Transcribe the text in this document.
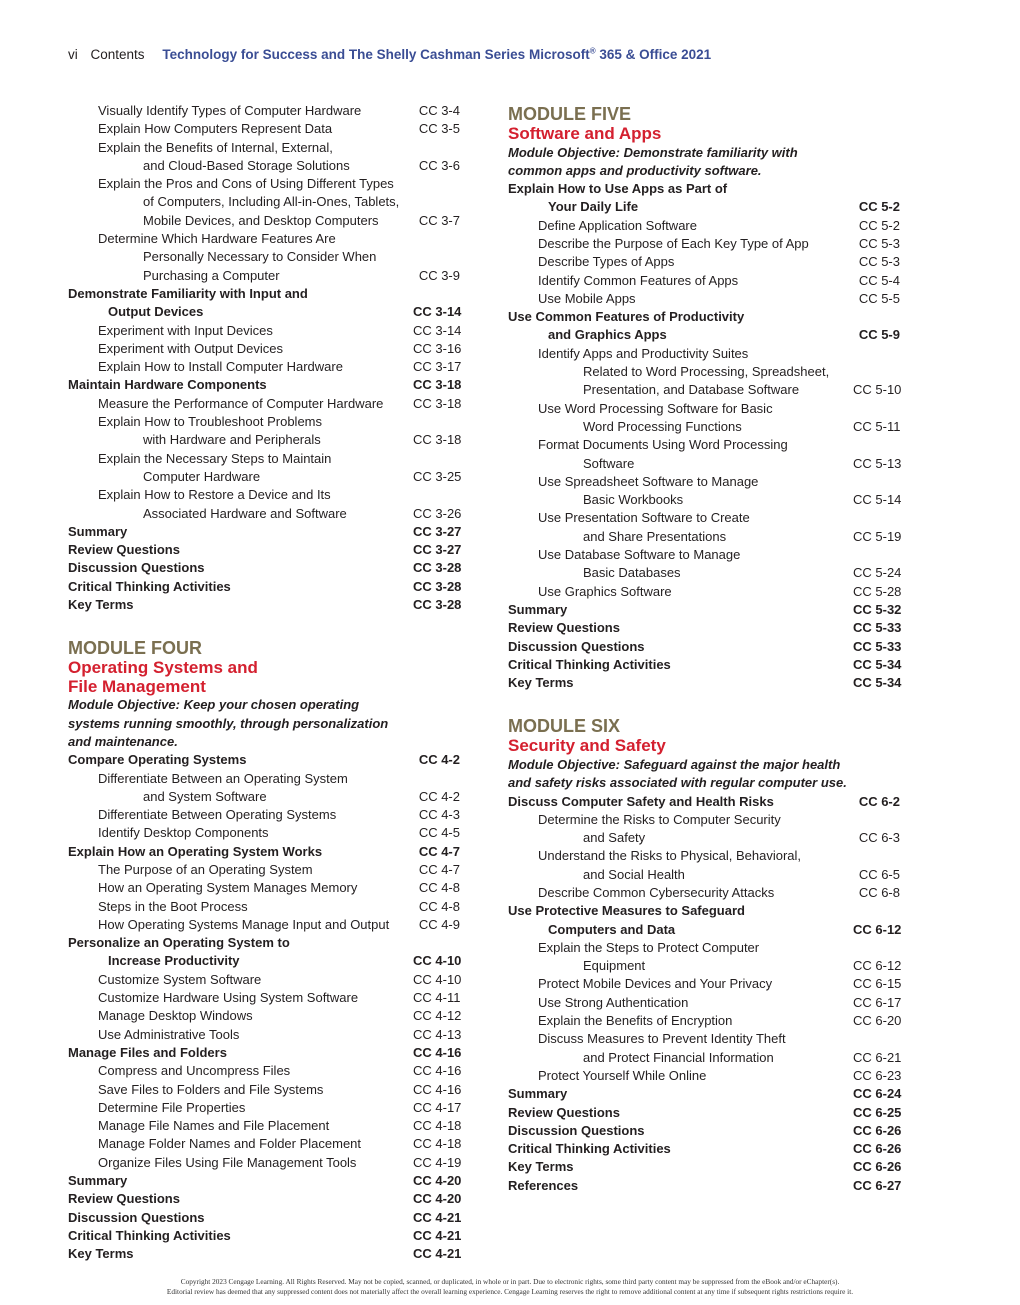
vi Contents Technology for Success and The Shelly Cashman Series Microsoft® 365 & Office 2021
Visually Identify Types of Computer Hardware	CC 3-4
Explain How Computers Represent Data	CC 3-5
Explain the Benefits of Internal, External,
and Cloud-Based Storage Solutions	CC 3-6
Explain the Pros and Cons of Using Different Types
of Computers, Including All-in-Ones, Tablets,
Mobile Devices, and Desktop Computers	CC 3-7
Determine Which Hardware Features Are
Personally Necessary to Consider When
Purchasing a Computer	CC 3-9
Demonstrate Familiarity with Input and
Output Devices	CC 3-14
Experiment with Input Devices	CC 3-14
Experiment with Output Devices	CC 3-16
Explain How to Install Computer Hardware	CC 3-17
Maintain Hardware Components	CC 3-18
Measure the Performance of Computer Hardware	CC 3-18
Explain How to Troubleshoot Problems
with Hardware and Peripherals	CC 3-18
Explain the Necessary Steps to Maintain
Computer Hardware	CC 3-25
Explain How to Restore a Device and Its
Associated Hardware and Software	CC 3-26
Summary	CC 3-27
Review Questions	CC 3-27
Discussion Questions	CC 3-28
Critical Thinking Activities	CC 3-28
Key Terms	CC 3-28
MODULE FOUR
Operating Systems and
File Management
Module Objective: Keep your chosen operating
systems running smoothly, through personalization
and maintenance.
Compare Operating Systems	CC 4-2
Differentiate Between an Operating System
and System Software	CC 4-2
Differentiate Between Operating Systems	CC 4-3
Identify Desktop Components	CC 4-5
Explain How an Operating System Works	CC 4-7
The Purpose of an Operating System	CC 4-7
How an Operating System Manages Memory	CC 4-8
Steps in the Boot Process	CC 4-8
How Operating Systems Manage Input and Output	CC 4-9
Personalize an Operating System to
Increase Productivity	CC 4-10
Customize System Software	CC 4-10
Customize Hardware Using System Software	CC 4-11
Manage Desktop Windows	CC 4-12
Use Administrative Tools	CC 4-13
Manage Files and Folders	CC 4-16
Compress and Uncompress Files	CC 4-16
Save Files to Folders and File Systems	CC 4-16
Determine File Properties	CC 4-17
Manage File Names and File Placement	CC 4-18
Manage Folder Names and Folder Placement	CC 4-18
Organize Files Using File Management Tools	CC 4-19
Summary	CC 4-20
Review Questions	CC 4-20
Discussion Questions	CC 4-21
Critical Thinking Activities	CC 4-21
Key Terms	CC 4-21
MODULE FIVE
Software and Apps
Module Objective: Demonstrate familiarity with
common apps and productivity software.
Explain How to Use Apps as Part of
Your Daily Life	CC 5-2
Define Application Software	CC 5-2
Describe the Purpose of Each Key Type of App	CC 5-3
Describe Types of Apps	CC 5-3
Identify Common Features of Apps	CC 5-4
Use Mobile Apps	CC 5-5
Use Common Features of Productivity
and Graphics Apps	CC 5-9
Identify Apps and Productivity Suites
Related to Word Processing, Spreadsheet,
Presentation, and Database Software	CC 5-10
Use Word Processing Software for Basic
Word Processing Functions	CC 5-11
Format Documents Using Word Processing
Software	CC 5-13
Use Spreadsheet Software to Manage
Basic Workbooks	CC 5-14
Use Presentation Software to Create
and Share Presentations	CC 5-19
Use Database Software to Manage
Basic Databases	CC 5-24
Use Graphics Software	CC 5-28
Summary	CC 5-32
Review Questions	CC 5-33
Discussion Questions	CC 5-33
Critical Thinking Activities	CC 5-34
Key Terms	CC 5-34
MODULE SIX
Security and Safety
Module Objective: Safeguard against the major health
and safety risks associated with regular computer use.
Discuss Computer Safety and Health Risks	CC 6-2
Determine the Risks to Computer Security
and Safety	CC 6-3
Understand the Risks to Physical, Behavioral,
and Social Health	CC 6-5
Describe Common Cybersecurity Attacks	CC 6-8
Use Protective Measures to Safeguard
Computers and Data	CC 6-12
Explain the Steps to Protect Computer
Equipment	CC 6-12
Protect Mobile Devices and Your Privacy	CC 6-15
Use Strong Authentication	CC 6-17
Explain the Benefits of Encryption	CC 6-20
Discuss Measures to Prevent Identity Theft
and Protect Financial Information	CC 6-21
Protect Yourself While Online	CC 6-23
Summary	CC 6-24
Review Questions	CC 6-25
Discussion Questions	CC 6-26
Critical Thinking Activities	CC 6-26
Key Terms	CC 6-26
References	CC 6-27
Copyright 2023 Cengage Learning. All Rights Reserved. May not be copied, scanned, or duplicated, in whole or in part. Due to electronic rights, some third party content may be suppressed from the eBook and/or eChapter(s).
Editorial review has deemed that any suppressed content does not materially affect the overall learning experience. Cengage Learning reserves the right to remove additional content at any time if subsequent rights restrictions require it.
